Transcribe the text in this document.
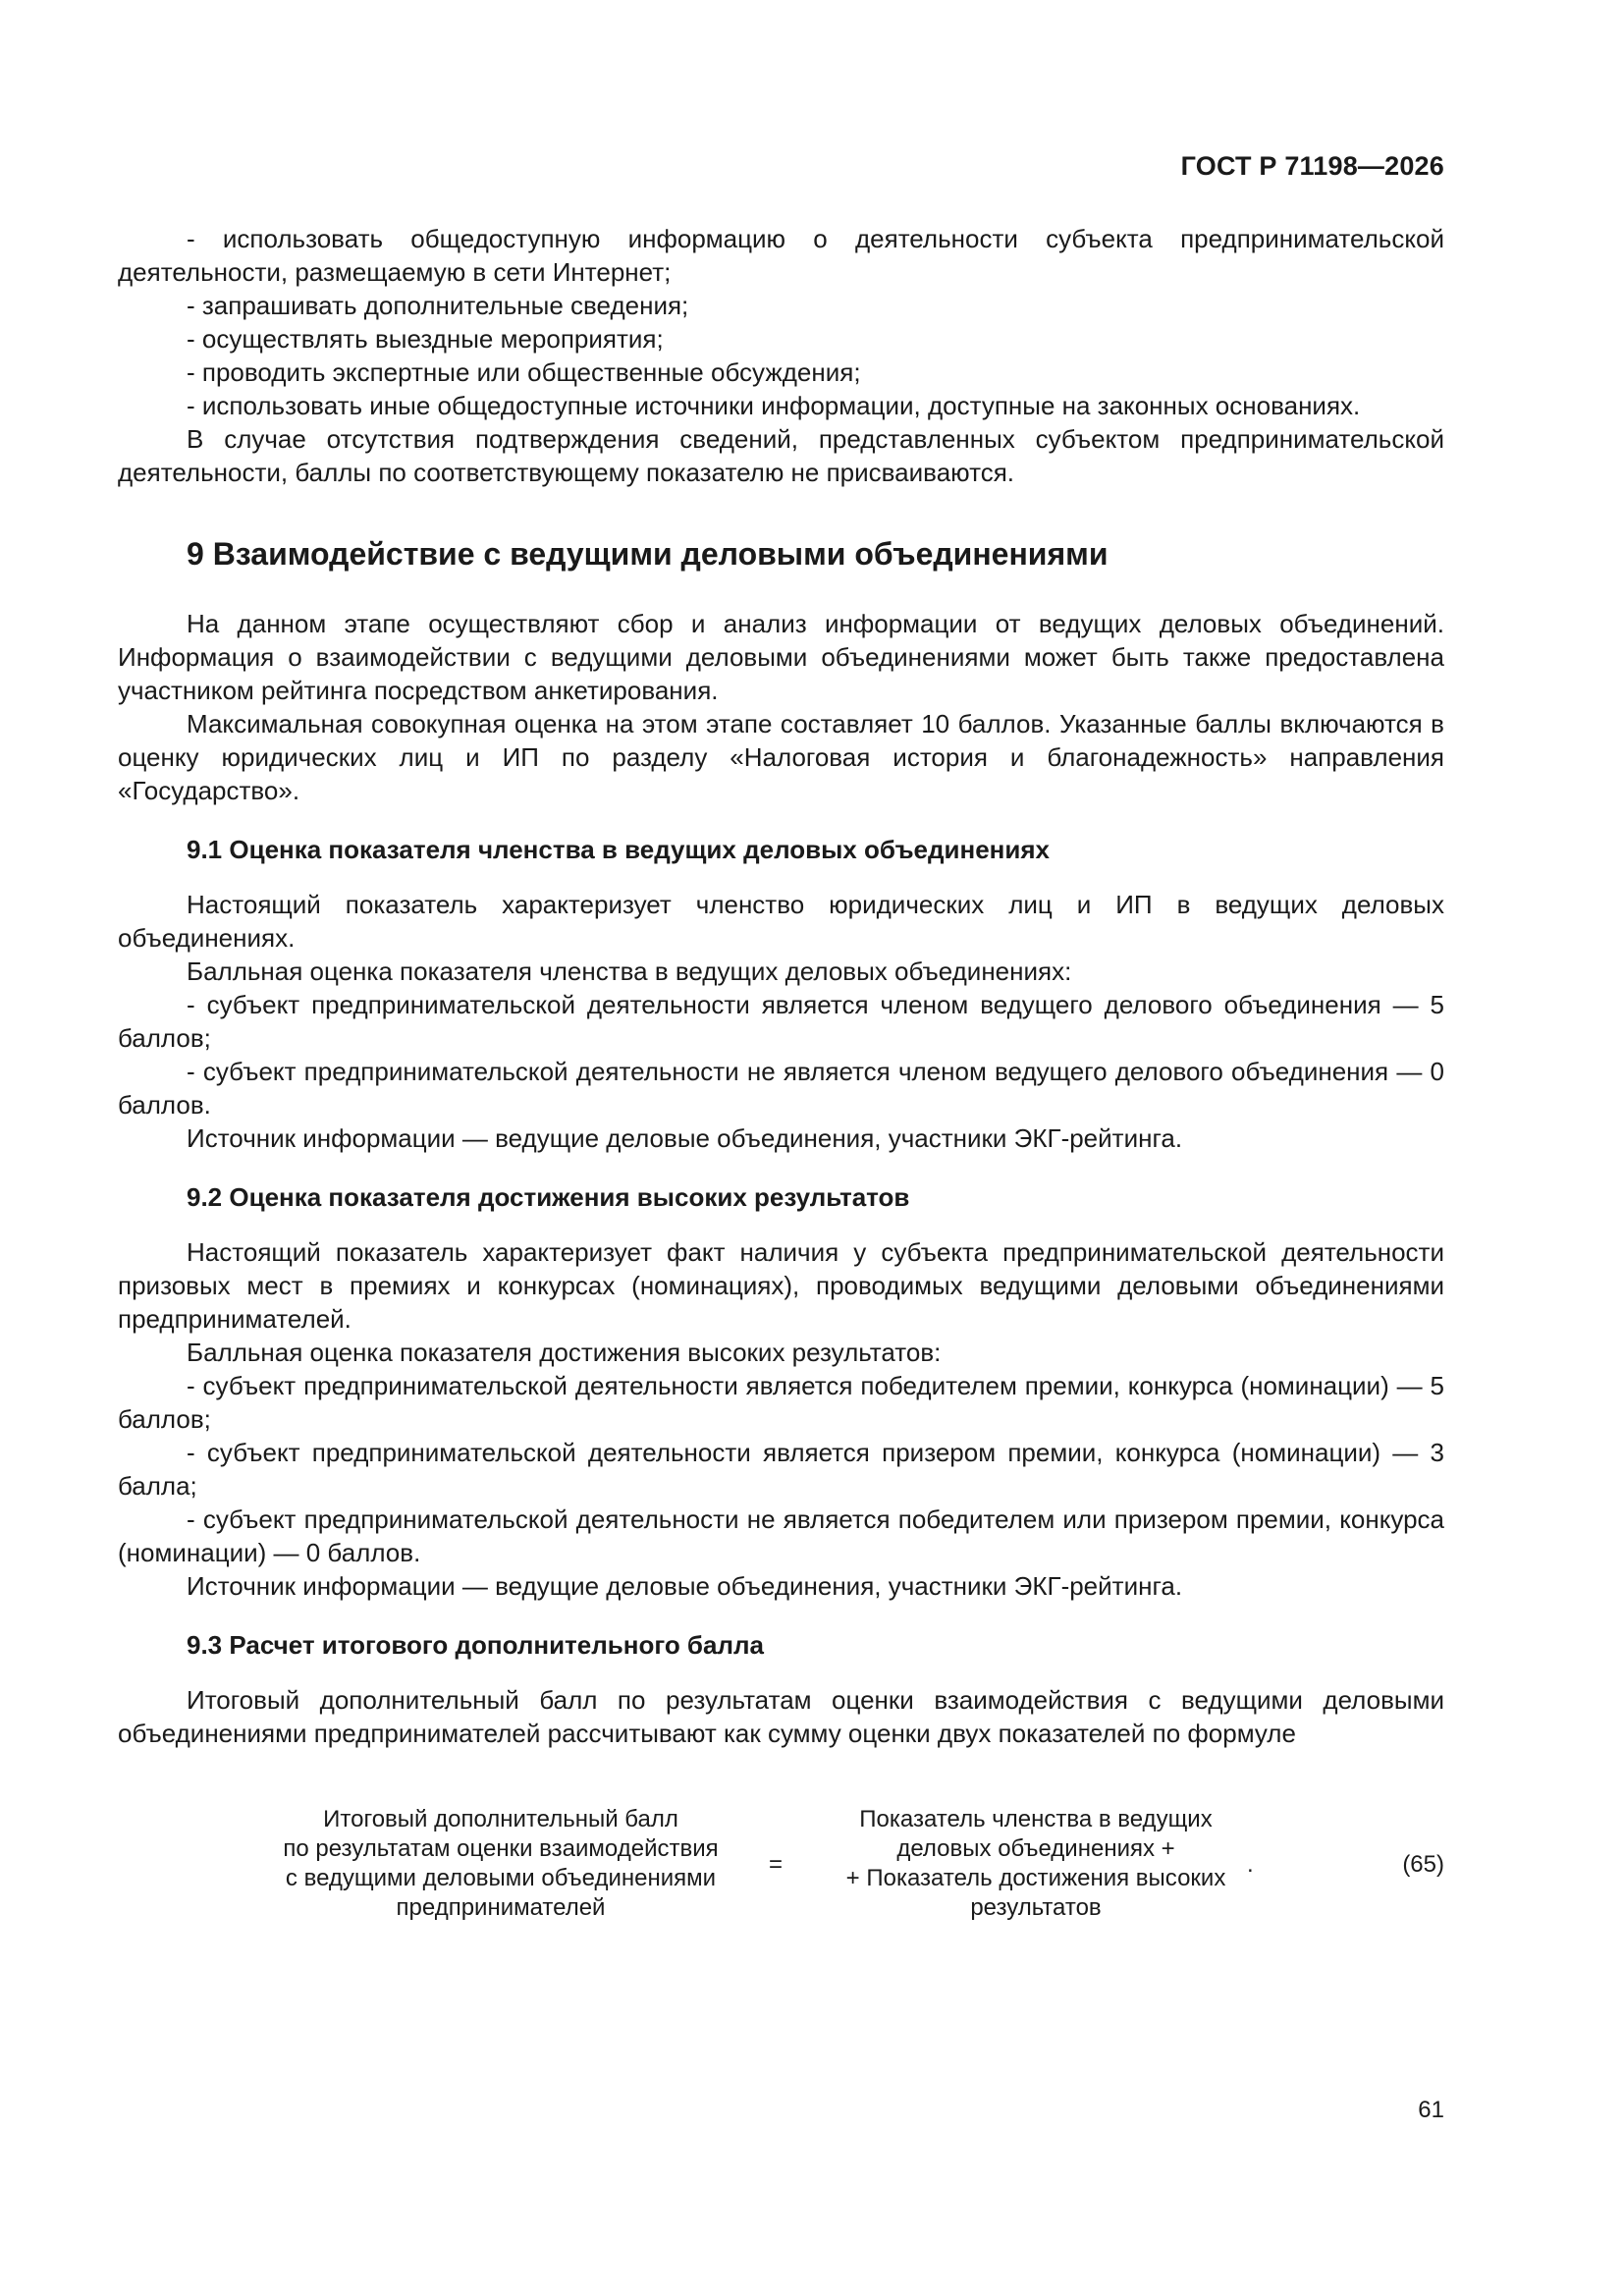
ГОСТ Р 71198—2026

- использовать общедоступную информацию о деятельности субъекта предпринимательской деятельности, размещаемую в сети Интернет;

- запрашивать дополнительные сведения;

- осуществлять выездные мероприятия;

- проводить экспертные или общественные обсуждения;

- использовать иные общедоступные источники информации, доступные на законных основаниях.

В случае отсутствия подтверждения сведений, представленных субъектом предпринимательской деятельности, баллы по соответствующему показателю не присваиваются.

9 Взаимодействие с ведущими деловыми объединениями

На данном этапе осуществляют сбор и анализ информации от ведущих деловых объединений. Информация о взаимодействии с ведущими деловыми объединениями может быть также предоставлена участником рейтинга посредством анкетирования.

Максимальная совокупная оценка на этом этапе составляет 10 баллов. Указанные баллы включаются в оценку юридических лиц и ИП по разделу «Налоговая история и благонадежность» направления «Государство».

9.1 Оценка показателя членства в ведущих деловых объединениях

Настоящий показатель характеризует членство юридических лиц и ИП в ведущих деловых объединениях.

Балльная оценка показателя членства в ведущих деловых объединениях:

- субъект предпринимательской деятельности является членом ведущего делового объединения — 5 баллов;

- субъект предпринимательской деятельности не является членом ведущего делового объединения — 0 баллов.

Источник информации — ведущие деловые объединения, участники ЭКГ-рейтинга.

9.2 Оценка показателя достижения высоких результатов

Настоящий показатель характеризует факт наличия у субъекта предпринимательской деятельности призовых мест в премиях и конкурсах (номинациях), проводимых ведущими деловыми объединениями предпринимателей.

Балльная оценка показателя достижения высоких результатов:

- субъект предпринимательской деятельности является победителем премии, конкурса (номинации) — 5 баллов;

- субъект предпринимательской деятельности является призером премии, конкурса (номинации) — 3 балла;

- субъект предпринимательской деятельности не является победителем или призером премии, конкурса (номинации) — 0 баллов.

Источник информации — ведущие деловые объединения, участники ЭКГ-рейтинга.

9.3 Расчет итогового дополнительного балла

Итоговый дополнительный балл по результатам оценки взаимодействия с ведущими деловыми объединениями предпринимателей рассчитывают как сумму оценки двух показателей по формуле

Итоговый дополнительный балл
по результатам оценки взаимодействия
с ведущими деловыми объединениями
предпринимателей
=
Показатель членства в ведущих
деловых объединениях +
+ Показатель достижения высоких
результатов
.	(65)
61
